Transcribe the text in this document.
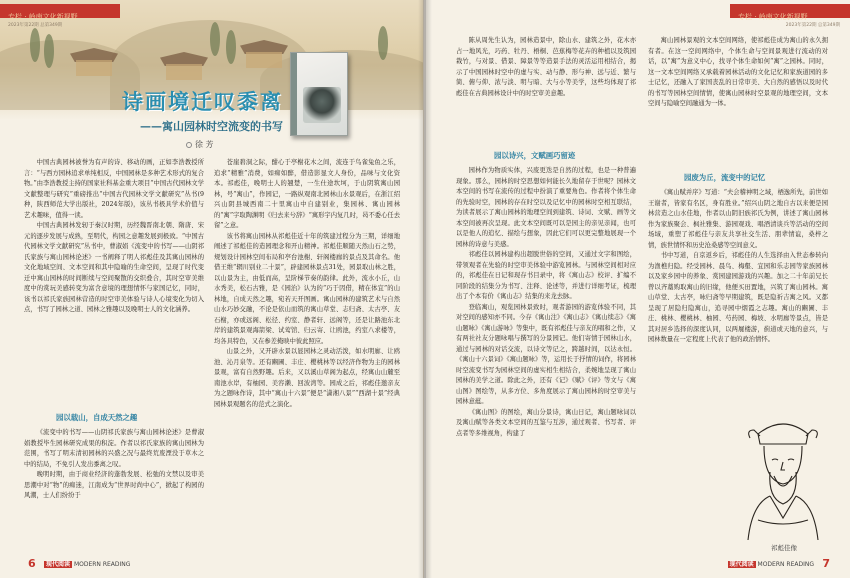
专栏 · 岭南文化新视野
2023年第22期 总第349期
诗画境迁叹黍离
——寓山园林时空流变的书写
徐 芳

中国古典园林被誉为有声的诗、移动的画，正如李浩教授所言：“与西方园林追求单纯相反，中国园林是多种艺术形式的复合物。”由李浩教授主持的国家社科基金重大项目“中国古代园林文学文献整理与研究”重磅推出“中国古代园林文学文献研究”丛书(9种，陕西师范大学出版社，2024年版)，该丛书极具学术价值与艺术趣味，值得一读。

中国古典园林发轫于秦汉时期，历经魏晋南北朝、隋唐、宋元的逐步发展与成熟，至明代，构园之意趣发展到极致。“中国古代园林文学文献研究”丛书中，曹淑娟《流变中的书写——山阴祁氏家族与寓山园林论述》一书阐释了明人祁彪佳及其寓山园林的文化地域空间、文本空间和其中隐喻的生命空间，呈现了时代变迁中寓山园林的时间断续与空间聚散的交织叠合，其时空审美维度中的赏玩美感转变为富含意境的理想情怀与家国记忆，同时，该书以祁氏家族园林营造的时空审美体验与诗人心境变化为切入点，书写了园林之道、园林之雅趣以及晚明士人的文化涵养。

园以载山，自成天然之趣

《流变中的书写——山阴祁氏家族与寓山园林论述》是曹淑娟教授毕生园林研究成果的积淀。作者以祁氏家族的寓山园林为范围，书写了明末清初园林的兴盛之况与最终荒废湮没于草木之中的结局，不免引人发出黍离之叹。

晚明时期，由于商业经济的蓬勃发展、松弛的文禁以及审美思潮中对“物”的痴迷，江南成为“世界时尚中心”，掀起了构园的风潮，士人们纷纷于

苍崖碧洞之际，酣心于亭榭花木之间，流连于鸟雀兔鱼之乐，追求“精雅”消费，如痴如醉，借造影显文人身份，品味与文化资本。祁彪佳，晚明士人的翘楚，一生仕途坎坷，于山阴筑寓山园林，号“寓山”，作园记，一路纵观南北园林山水景观后，在浙江绍兴山阴县城西南二十里寓山中自建别业，集园林、寓山园林的“寓”字取陶渊明《归去来兮辞》“寓形宇内复几时，曷不委心任去留”之意。

该书将寓山园林从祁彪佳近十年的筑建过程分为三期，详细地阐述了祁彪佳的造园理念和开山精神。祁彪佳顺随天然山石之势，规划设计园林空间布局和亭台池榭、轩阁楼廊的景点及其命名。他借王维“辋川别业二十景”，辟建园林景点31处，园景取山林之胜，以山景为主，由低而高，呈阶梯节奏的韵律。此外，流水小丘，山水秀美，松石古雅，是《园治》认为的“巧于因借，精在体宜”的山林地，自成天然之趣，宛若天开图画。寓山园林的建筑艺术与自然山水巧妙交融，不论是依山而筑的寓山草堂、志归斋、太古亭、友石榭，亦或远阁、松径、约室、静者轩、远阁等，还是让路池东北岸的建筑景观海箭梁、试莺馆、归云寄、让鸥池，约室八求楼等，均各具特色，又在参差掩映中彼此照应。

山景之外，又开辟水景以显园林之灵动活泼，如水明廊、让鸥池、沁月泉等。还有豳圃、丰庄、樱桃林等以经济作物为主的园林景观，富有自然野趣。后来，又以溪山草阁为起点，经寓山山麓至南池水岸，有柚园、美容濑、回波湾等。园成之后，祁彪佳邀亲友为之题咏作诗，其中“寓山十六景”便是“潇湘八景”“西湖十景”经典园林景观题名的范式之演化。

6	现代阅读 MODERN READING
专栏 · 岭南文化新视野
2023年第22期 总第349期

陈从周先生认为，园林造景中，除山水、建筑之外，花木亦占一地风光，巧药、牡丹、梧桐、芭蕉梅等花卉的种植以及筑园栽竹，与对景、借景、障景等等造景手法的灵活运用相结合，揭示了中国园林时空中的虚与实、动与静、形与神、远与近、繁与简、俯与仰、浓与淡、明与暗、大与小等美学，这些均体现了祁彪佳在古典园林设计中的时空审美意趣。

园以诗兴，文赋画巧留迹

园林作为物质实体，兴废更迭是自然的过程，也是一种普遍现象。那么，园林的时空思想如何能长久地留存于世呢？园林文本空间的书写在流传的过程中扮演了重要角色。作者将个体生命的先验时空，园林的存在时空以及记忆中的园林时空相互联结，为读者展示了寓山园林的地理空间到建筑、诗词、文赋、画等文本空间被再次呈现。此文本空间既可以是园主的亲见亲闻，也可以是他人的追忆、描绘与想象，因此它们可以更完整地展现一个园林的诗意与美感。

祁彪佳以园林建构出超脱世俗的空间，又通过文字和图绘，带领观者在先验的时空审美体验中游览园林。与园林空间相对应的，祁彪佳在日记和现存书目录中，将《寓山志》校评、扩编不同阶段的结集分为书写、注释、论述等，并进行详细考证，梳理出了个本有价《寓山志》结集的来龙去脉。

登临寓山，观览园林景致时，观者游园的游览体验不同，其对空间的感知亦不同。今存《寓山注》《寓山志》《寓山续志》《寓山题咏》《寓山游咏》等集中，既有祁彪佳与亲友的唱和之作，又有两社社友分题咏唱与撰写的分景园记。他们寄情于园林山水，通过与园林的对话交流，以诗文等记之，跨越时间，以达永恒。《寓山十六景词》《寓山题咏》等，运用长于抒情的词作，将园林时空流变书写为园林空间的虚实相生相结合，柔婉地呈现了寓山园林的美学之道。除此之外，还有《记》《赋》《评》等文与《寓山图》图绘等，从多方位、多角度展示了寓山园林的时空审美与园林意蕴。

《寓山图》的图绘，寓山分景诗，寓山日记，寓山题咏词以及寓山赋等各类文本空间的互鉴与互涉，通过观者、书写者、评点者等多维视角，构建了

寓山园林景观的文本空间网络，使祁彪佳成为寓山的永久拥有者。在这一空间网络中，个体生命与空间景观进行流动的对话，以“寓”为意义中心，找寻个体生命如何“寓”之园林。同时，这一文本空间网络又承载着园林活动的文化记忆和家族道园的多士记忆，还融入了家国丧乱的日常审美、大自然的感悟以及时代的书写等园林空间情情，使寓山园林时空景观的地理空间，文本空间与隐喻空间融通为一体。

园废为丘，流变中的记忆

《寓山赋并序》写道：“夫会稽神明之域，栖逸所先，前世如王谢者，皆家有名区，身有胜业。”绍兴山阴之地自古以来便是园林营造之山水佳地，作者以山阴旧族祁氏为例，讲述了寓山园林作为家族聚会、枫社雅集、游园观戏、唱酒清谈兵等活动的空间场域，重塑了祁彪佳与亲友共享社交生活、朋辈情谊，桑梓之情，族世情怀和历史沧桑感等空间意义。

书中写道，自京返乡后，祁彪佳的人生选择由入世态参转向为渔樵归隐。经受园林、晨鸟、梅壑、宜园和乐志园等家族园林以及家乡园中的养象、赏园建园游戏的兴趣。加之二十年前兄长曾以齐藁购取寓山的旧缘，他便买田置地，兴筑了寓山园林。寓山草堂、太古亭，咏归斋等早期建筑，既是隐祈吉寓之风。又都呈现了居隐归隐寓山，追寻园中烟霞之志趣。寓山的豳圃、丰庄、桃林、樱桃林、柚园、芍药园、梅坡、水明廊等景点，皆是其对居乡选择的深度认同，以两屣楼游，蓟道或天地的意兴，与园林数量在一定程度上代表了他的政治情怀。

祁彪佳像
现代阅读 MODERN READING 7
